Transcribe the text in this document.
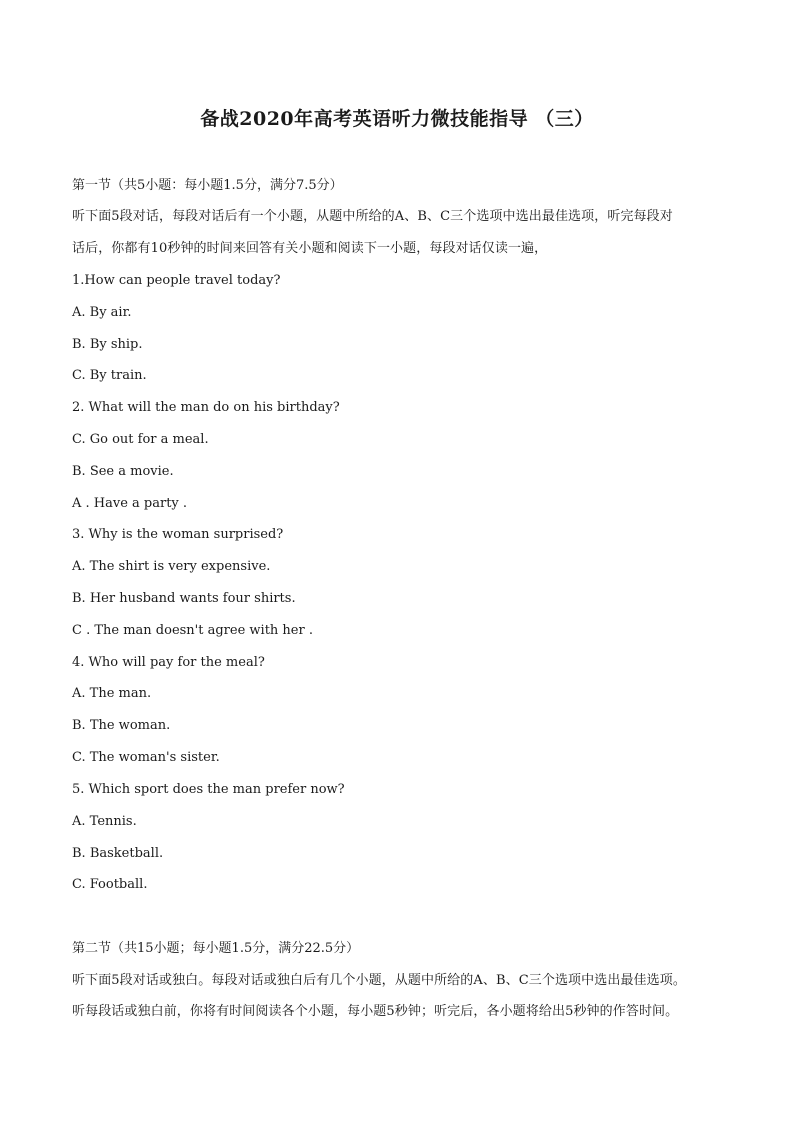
备战2020年高考英语听力微技能指导 （三）
第一节（共5小题：每小题1.5分，满分7.5分）
听下面5段对话，每段对话后有一个小题，从题中所给的A、B、C三个选项中选出最佳选项，听完每段对
话后，你都有10秒钟的时间来回答有关小题和阅读下一小题，每段对话仅读一遍，
1.How can people travel today?
A. By air.
B. By ship.
C. By train.
2. What will the man do on his birthday?
C. Go out for a meal.
B. See a movie.
A . Have a party .
3. Why is the woman surprised?
A. The shirt is very expensive.
B. Her husband wants four shirts.
C . The man doesn't agree with her .
4. Who will pay for the meal?
A. The man.
B. The woman.
C. The woman's sister.
5. Which sport does the man prefer now?
A. Tennis.
B. Basketball.
C. Football.
第二节（共15小题；每小题1.5分，满分22.5分）
听下面5段对话或独白。每段对话或独白后有几个小题，从题中所给的A、B、C三个选项中选出最佳选项。
听每段话或独白前，你将有时间阅读各个小题，每小题5秒钟；听完后，各小题将给出5秒钟的作答时间。
